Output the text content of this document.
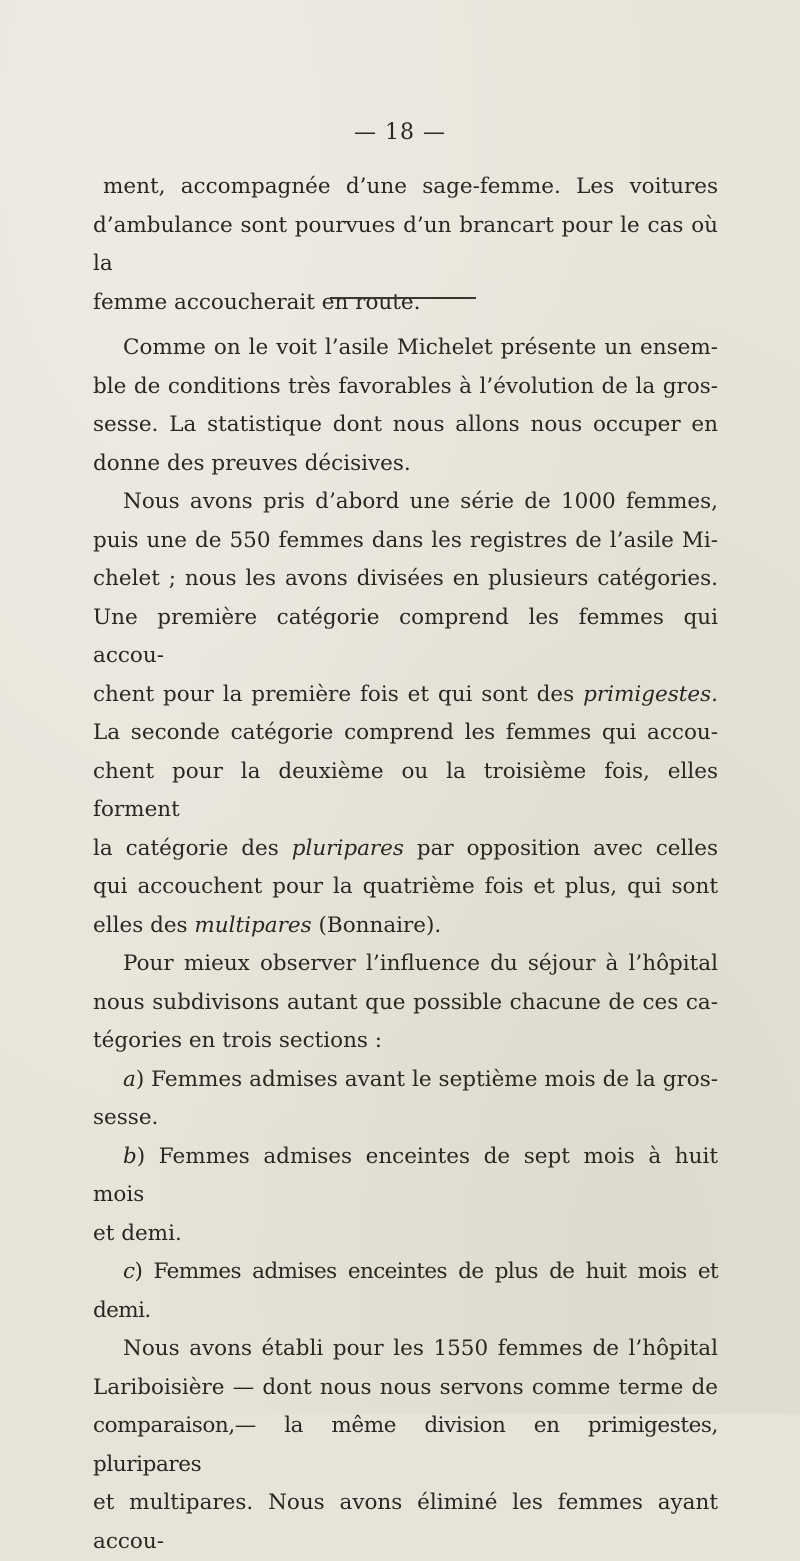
— 18 —

ment, accompagnée d’une sage-femme. Les voitures

d’ambulance sont pourvues d’un brancart pour le cas où la

femme accoucherait en route.

Comme on le voit l’asile Michelet présente un ensem-

ble de conditions très favorables à l’évolution de la gros-

sesse. La statistique dont nous allons nous occuper en

donne des preuves décisives.

Nous avons pris d’abord une série de 1000 femmes,

puis une de 550 femmes dans les registres de l’asile Mi-

chelet ; nous les avons divisées en plusieurs catégories.

Une première catégorie comprend les femmes qui accou-

chent pour la première fois et qui sont des primigestes.

La seconde catégorie comprend les femmes qui accou-

chent pour la deuxième ou la troisième fois, elles forment

la catégorie des pluripares par opposition avec celles

qui accouchent pour la quatrième fois et plus, qui sont

elles des multipares (Bonnaire).

Pour mieux observer l’influence du séjour à l’hôpital

nous subdivisons autant que possible chacune de ces ca-

tégories en trois sections :

a) Femmes admises avant le septième mois de la gros-

sesse.

b) Femmes admises enceintes de sept mois à huit mois

et demi.

c) Femmes admises enceintes de plus de huit mois et demi.

Nous avons établi pour les 1550 femmes de l’hôpital

Lariboisière — dont nous nous servons comme terme de

comparaison,— la même division en primigestes, pluripares

et multipares. Nous avons éliminé les femmes ayant accou-
